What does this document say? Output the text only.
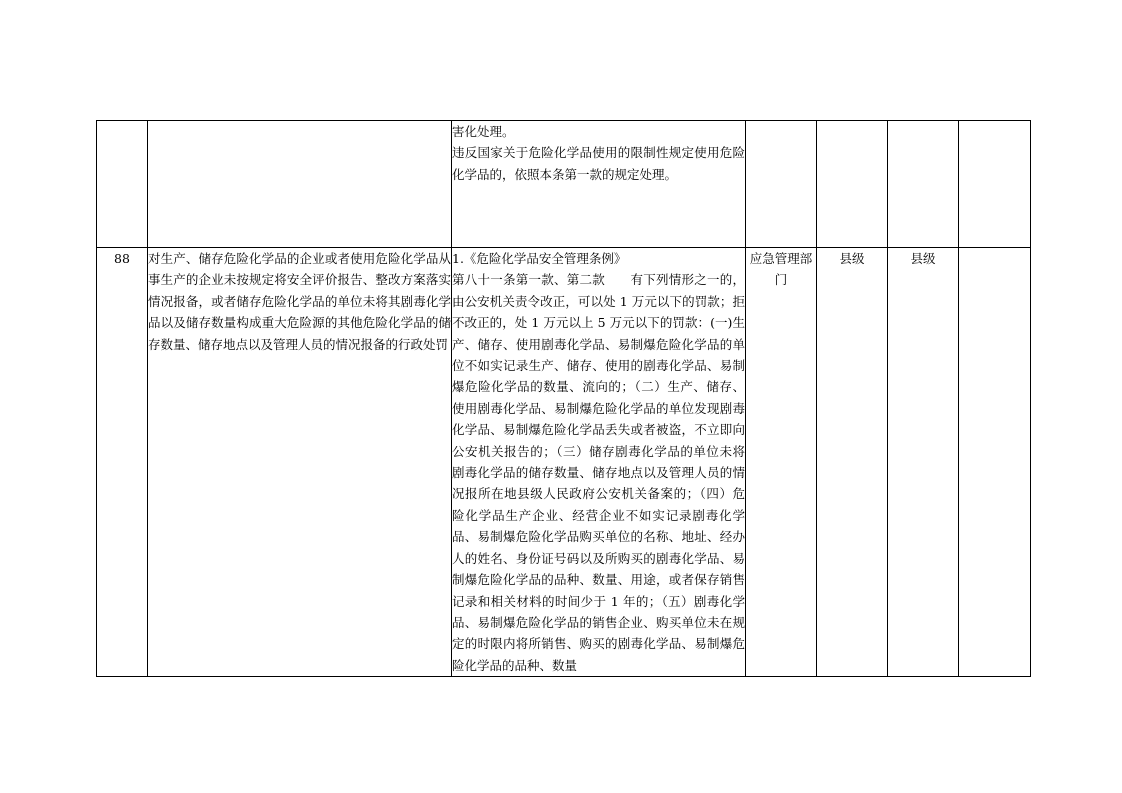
		害化处理。
违反国家关于危险化学品使用的限制性规定使用危险化学品的，依照本条第一款的规定处理。				

88	对生产、储存危险化学品的企业或者使用危险化学品从事生产的企业未按规定将安全评价报告、整改方案落实情况报备，或者储存危险化学品的单位未将其剧毒化学品以及储存数量构成重大危险源的其他危险化学品的储存数量、储存地点以及管理人员的情况报备的行政处罚	1.《危险化学品安全管理条例》
第八十一条第一款、第二款　　有下列情形之一的，由公安机关责令改正，可以处 1 万元以下的罚款；拒不改正的，处 1 万元以上 5 万元以下的罚款：(一)生产、储存、使用剧毒化学品、易制爆危险化学品的单位不如实记录生产、储存、使用的剧毒化学品、易制爆危险化学品的数量、流向的；（二）生产、储存、使用剧毒化学品、易制爆危险化学品的单位发现剧毒化学品、易制爆危险化学品丢失或者被盗，不立即向公安机关报告的；（三）储存剧毒化学品的单位未将剧毒化学品的储存数量、储存地点以及管理人员的情况报所在地县级人民政府公安机关备案的；（四）危险化学品生产企业、经营企业不如实记录剧毒化学品、易制爆危险化学品购买单位的名称、地址、经办人的姓名、身份证号码以及所购买的剧毒化学品、易制爆危险化学品的品种、数量、用途，或者保存销售记录和相关材料的时间少于 1 年的；（五）剧毒化学品、易制爆危险化学品的销售企业、购买单位未在规定的时限内将所销售、购买的剧毒化学品、易制爆危险化学品的品种、数量	应急管理部门	县级	县级	
